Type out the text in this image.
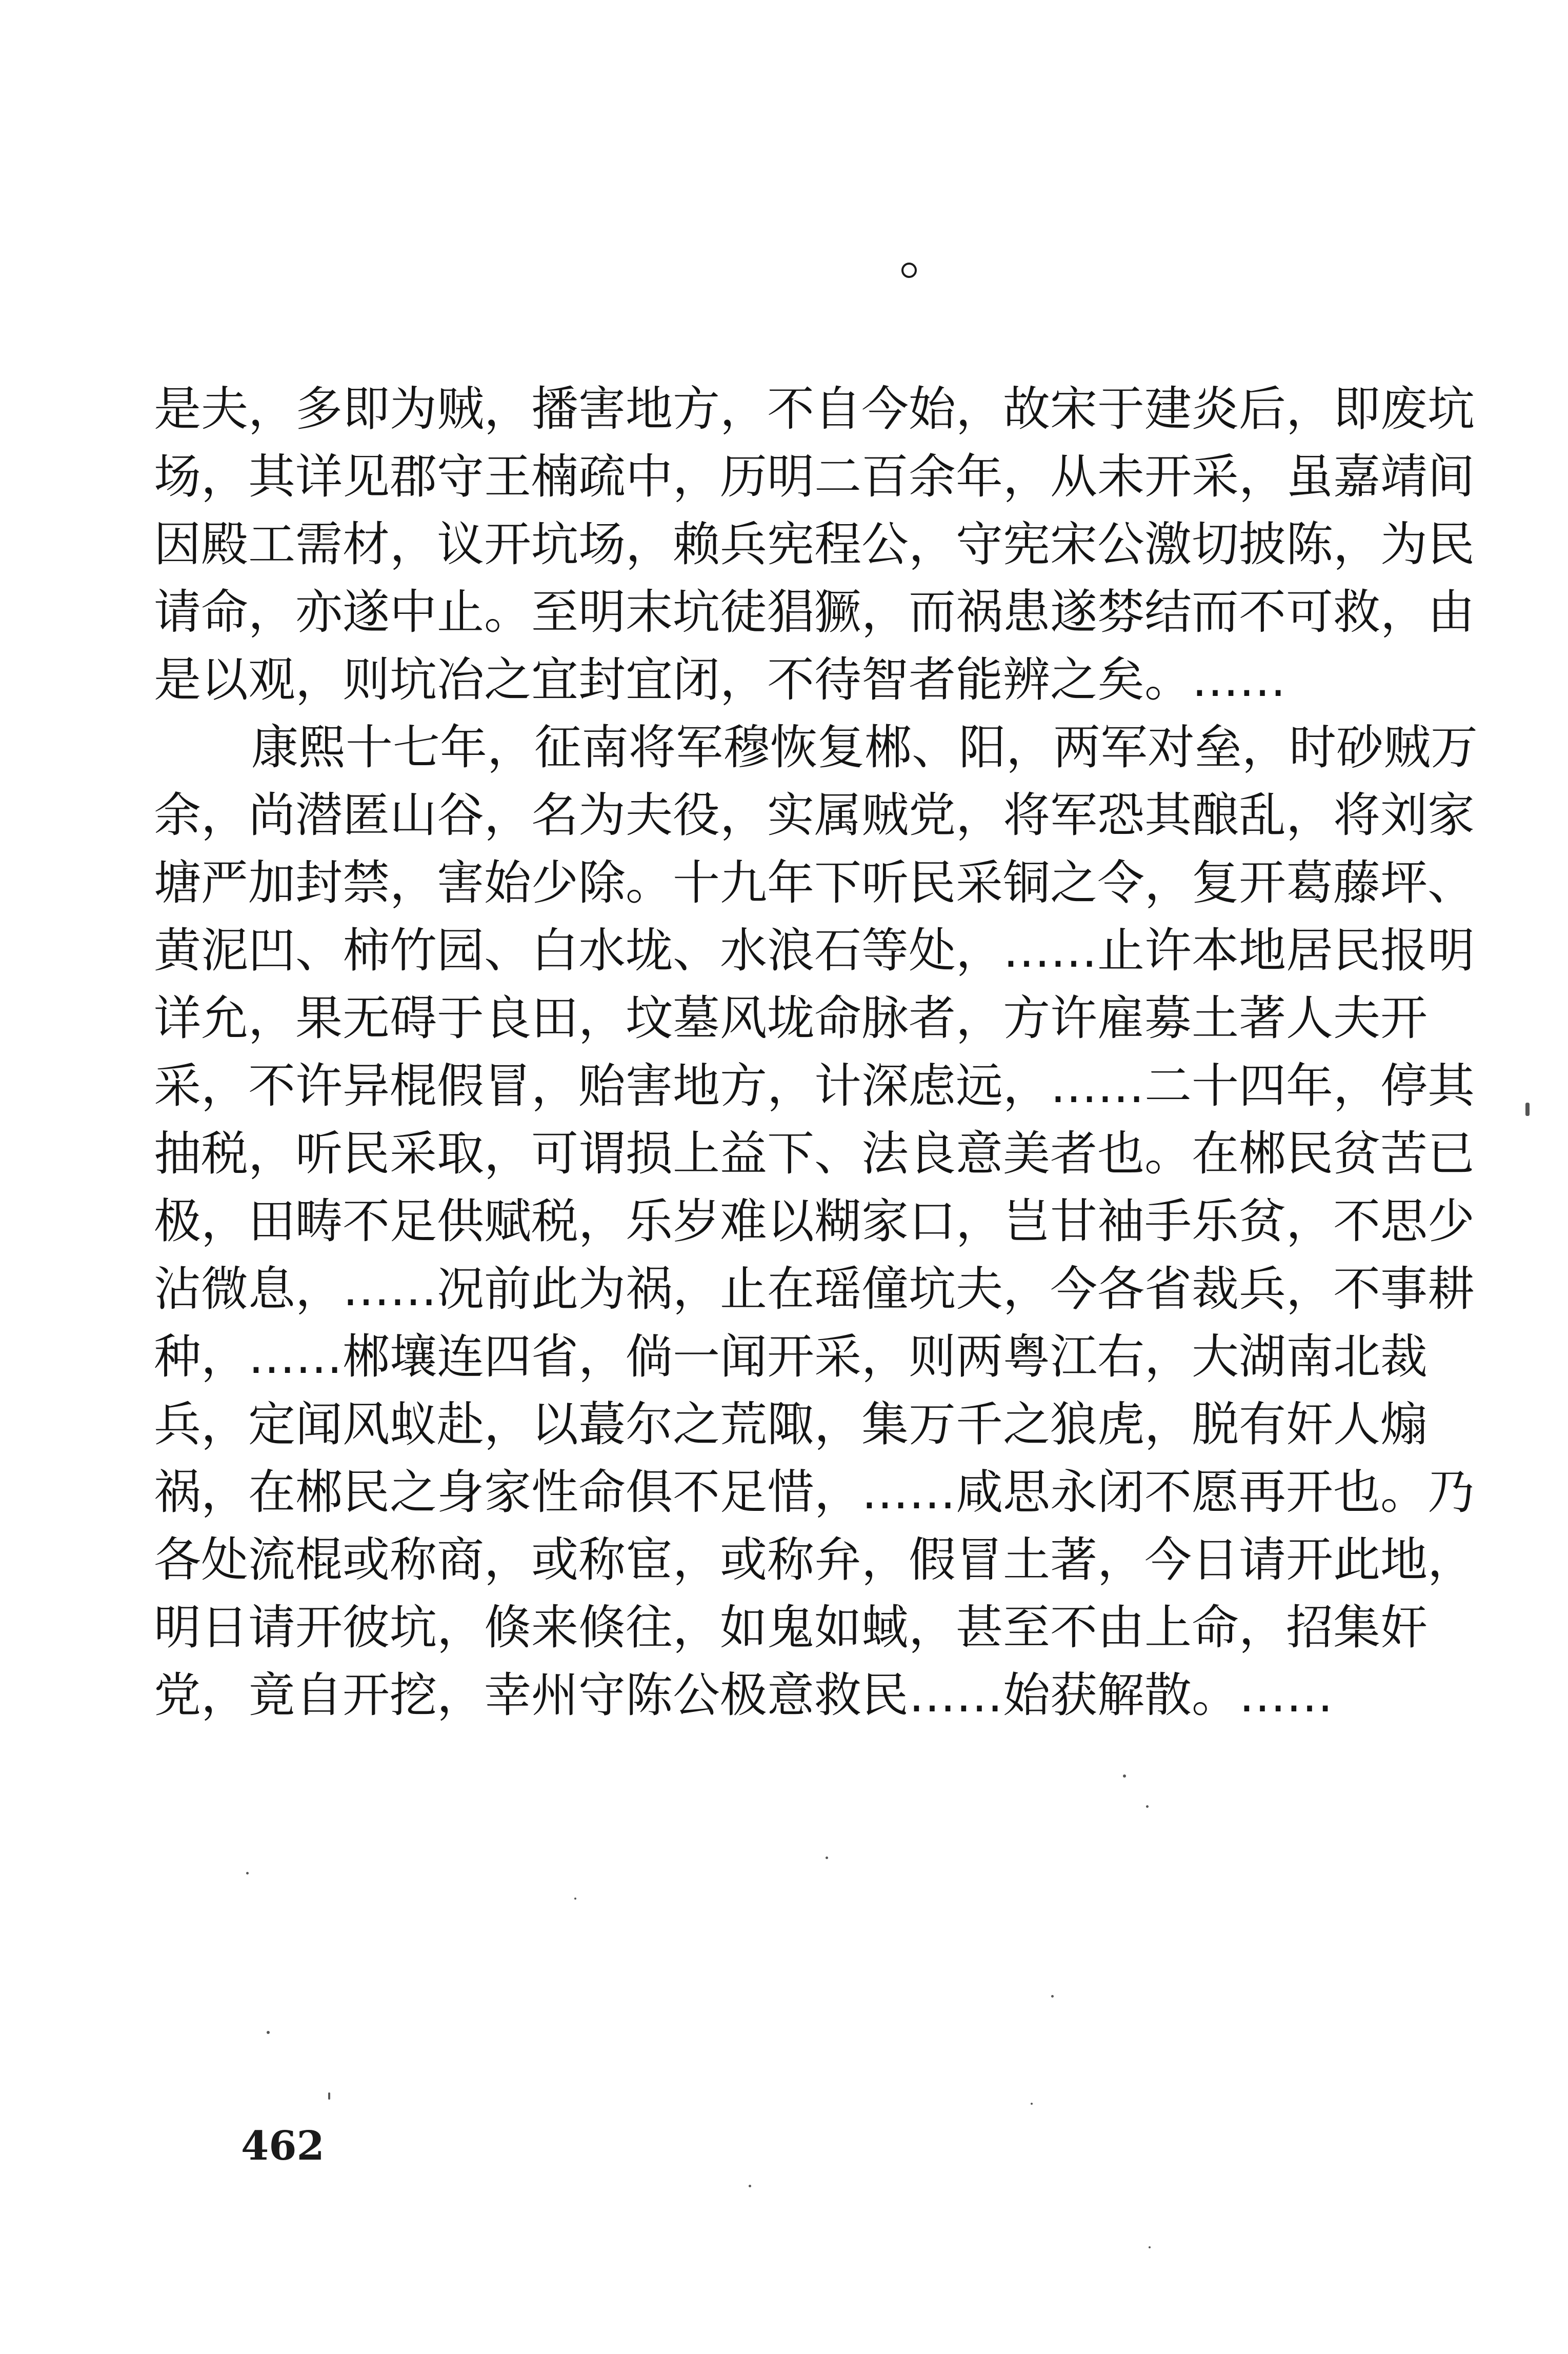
是夫，多即为贼，播害地方，不自今始，故宋于建炎后，即废坑
场，其详见郡守王楠疏中，历明二百余年，从未开采，虽嘉靖间
因殿工需材，议开坑场，赖兵宪程公，守宪宋公激切披陈，为民
请命，亦遂中止。至明末坑徒猖獗，而祸患遂棼结而不可救，由
是以观，则坑冶之宜封宜闭，不待智者能辨之矣。……
康熙十七年，征南将军穆恢复郴、阳，两军对垒，时砂贼万
余，尚潜匿山谷，名为夫役，实属贼党，将军恐其酿乱，将刘家
塘严加封禁，害始少除。十九年下听民采铜之令，复开葛藤坪、
黄泥凹、柿竹园、白水垅、水浪石等处，……止许本地居民报明
详允，果无碍于良田，坟墓风垅命脉者，方许雇募土著人夫开
采，不许异棍假冒，贻害地方，计深虑远，……二十四年，停其
抽税，听民采取，可谓损上益下、法良意美者也。在郴民贫苦已
极，田畴不足供赋税，乐岁难以糊家口，岂甘袖手乐贫，不思少
沾微息，……况前此为祸，止在瑶僮坑夫，今各省裁兵，不事耕
种，……郴壤连四省，倘一闻开采，则两粤江右，大湖南北裁
兵，定闻风蚁赴，以蕞尔之荒陬，集万千之狼虎，脱有奸人煽
祸，在郴民之身家性命俱不足惜，……咸思永闭不愿再开也。乃
各处流棍或称商，或称宦，或称弁，假冒土著，今日请开此地，
明日请开彼坑，倏来倏往，如鬼如蜮，甚至不由上命，招集奸
党，竟自开挖，幸州守陈公极意救民……始获解散。……
462
